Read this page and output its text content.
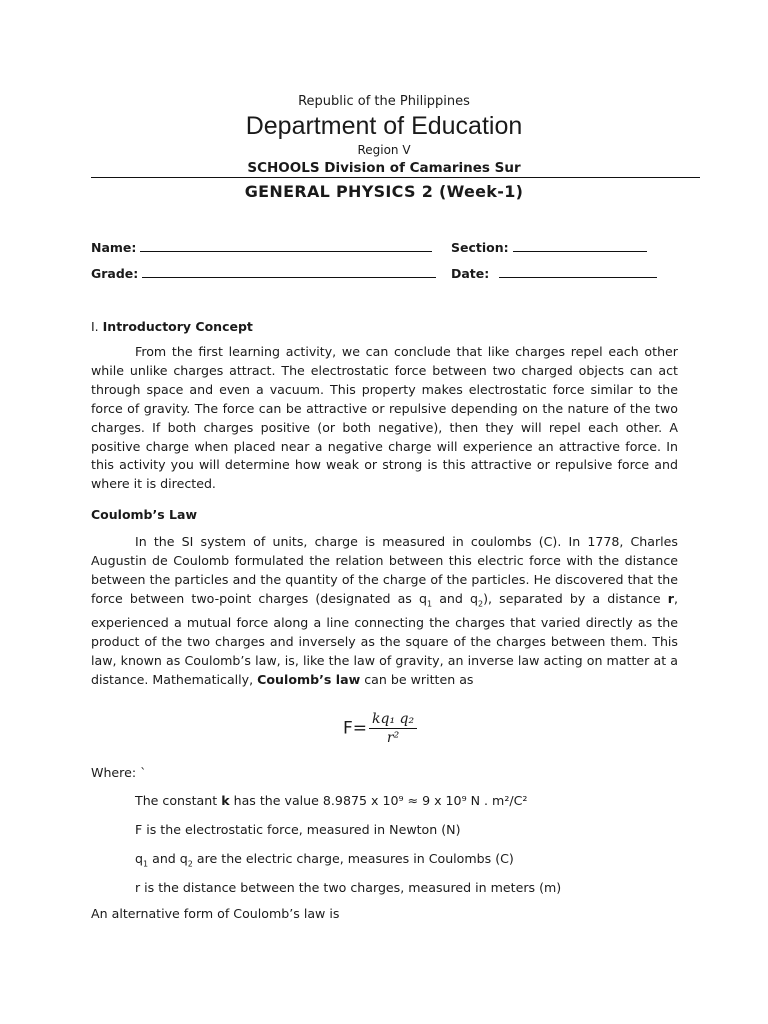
Republic of the Philippines
Department of Education
Region V
SCHOOLS Division of Camarines Sur
GENERAL PHYSICS 2 (Week-1)
Name:	Section:
Grade:	Date:
I. Introductory Concept
From the first learning activity, we can conclude that like charges repel each other while unlike charges attract. The electrostatic force between two charged objects can act through space and even a vacuum. This property makes electrostatic force similar to the force of gravity. The force can be attractive or repulsive depending on the nature of the two charges. If both charges positive (or both negative), then they will repel each other. A positive charge when placed near a negative charge will experience an attractive force. In this activity you will determine how weak or strong is this attractive or repulsive force and where it is directed.
Coulomb’s Law
In the SI system of units, charge is measured in coulombs (C). In 1778, Charles Augustin de Coulomb formulated the relation between this electric force with the distance between the particles and the quantity of the charge of the particles. He discovered that the force between two-point charges (designated as $q_1$ and $q_2$), separated by a distance r, experienced a mutual force along a line connecting the charges that varied directly as the product of the two charges and inversely as the square of the charges between them. This law, known as Coulomb’s law, is, like the law of gravity, an inverse law acting on matter at a distance. Mathematically, Coulomb’s law can be written as
$F= \frac{\text{kq₁ q₂}}{\text{r²}}$
Where: `
The constant k has the value 8.9875 x 10⁹ ≈ 9 x 10⁹ N . m²/C²
F is the electrostatic force, measured in Newton (N)
$q_1$ and $q_2$ are the electric charge, measures in Coulombs (C)
r is the distance between the two charges, measured in meters (m)
An alternative form of Coulomb’s law is
